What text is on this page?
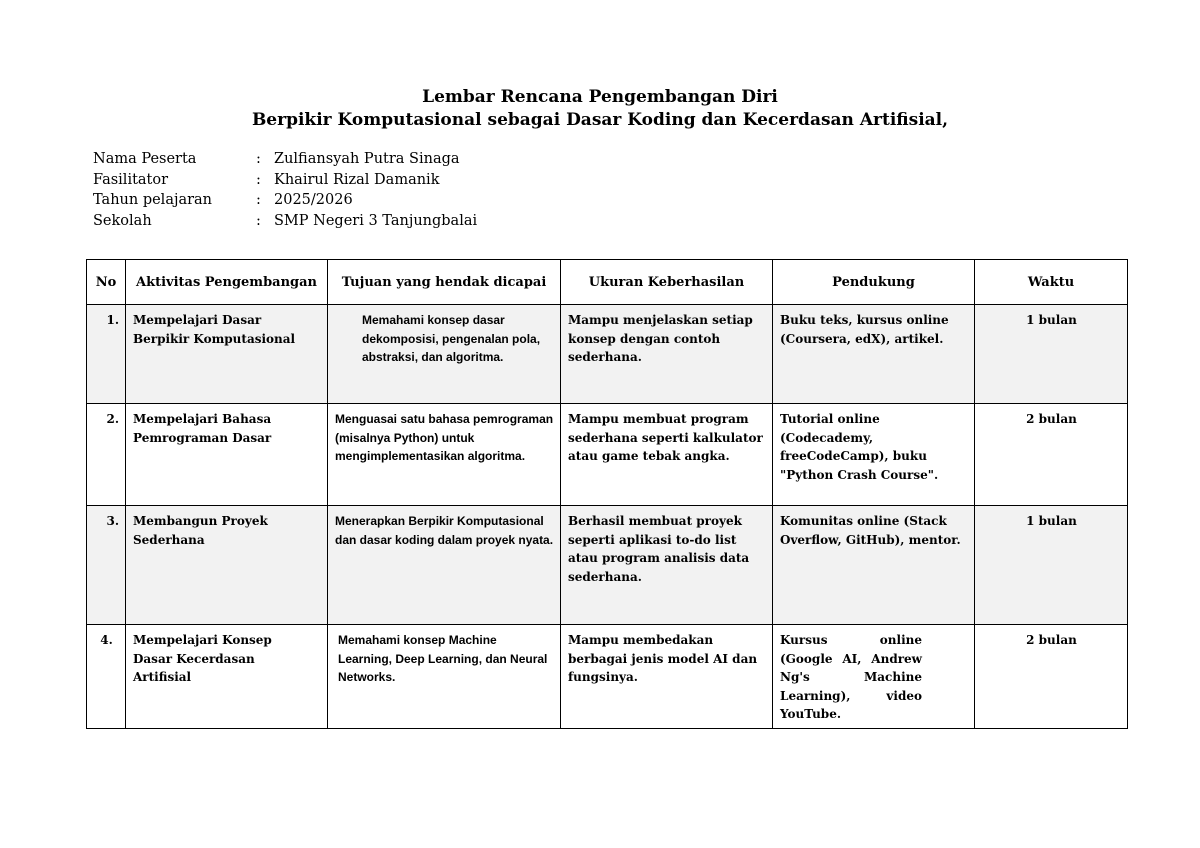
Lembar Rencana Pengembangan Diri
Berpikir Komputasional sebagai Dasar Koding dan Kecerdasan Artifisial,
Nama Peserta	: Zulfiansyah Putra Sinaga
Fasilitator	: Khairul Rizal Damanik
Tahun pelajaran	: 2025/2026
Sekolah	: SMP Negeri 3 Tanjungbalai
No	Aktivitas Pengembangan	Tujuan yang hendak dicapai	Ukuran Keberhasilan	Pendukung	Waktu
1.	Mempelajari Dasar Berpikir Komputasional	Memahami konsep dasar dekomposisi, pengenalan pola, abstraksi, dan algoritma.	Mampu menjelaskan setiap konsep dengan contoh sederhana.	Buku teks, kursus online (Coursera, edX), artikel.	1 bulan
2.	Mempelajari Bahasa Pemrograman Dasar	Menguasai satu bahasa pemrograman (misalnya Python) untuk mengimplementasikan algoritma.	Mampu membuat program sederhana seperti kalkulator atau game tebak angka.	Tutorial online (Codecademy, freeCodeCamp), buku "Python Crash Course".	2 bulan
3.	Membangun Proyek Sederhana	Menerapkan Berpikir Komputasional dan dasar koding dalam proyek nyata.	Berhasil membuat proyek seperti aplikasi to-do list atau program analisis data sederhana.	Komunitas online (Stack Overflow, GitHub), mentor.	1 bulan
4.	Mempelajari Konsep Dasar Kecerdasan Artifisial	Memahami konsep Machine Learning, Deep Learning, dan Neural Networks.	Mampu membedakan berbagai jenis model AI dan fungsinya.	Kursus online
(Google AI, Andrew
Ng's Machine
Learning), video
YouTube.	2 bulan
